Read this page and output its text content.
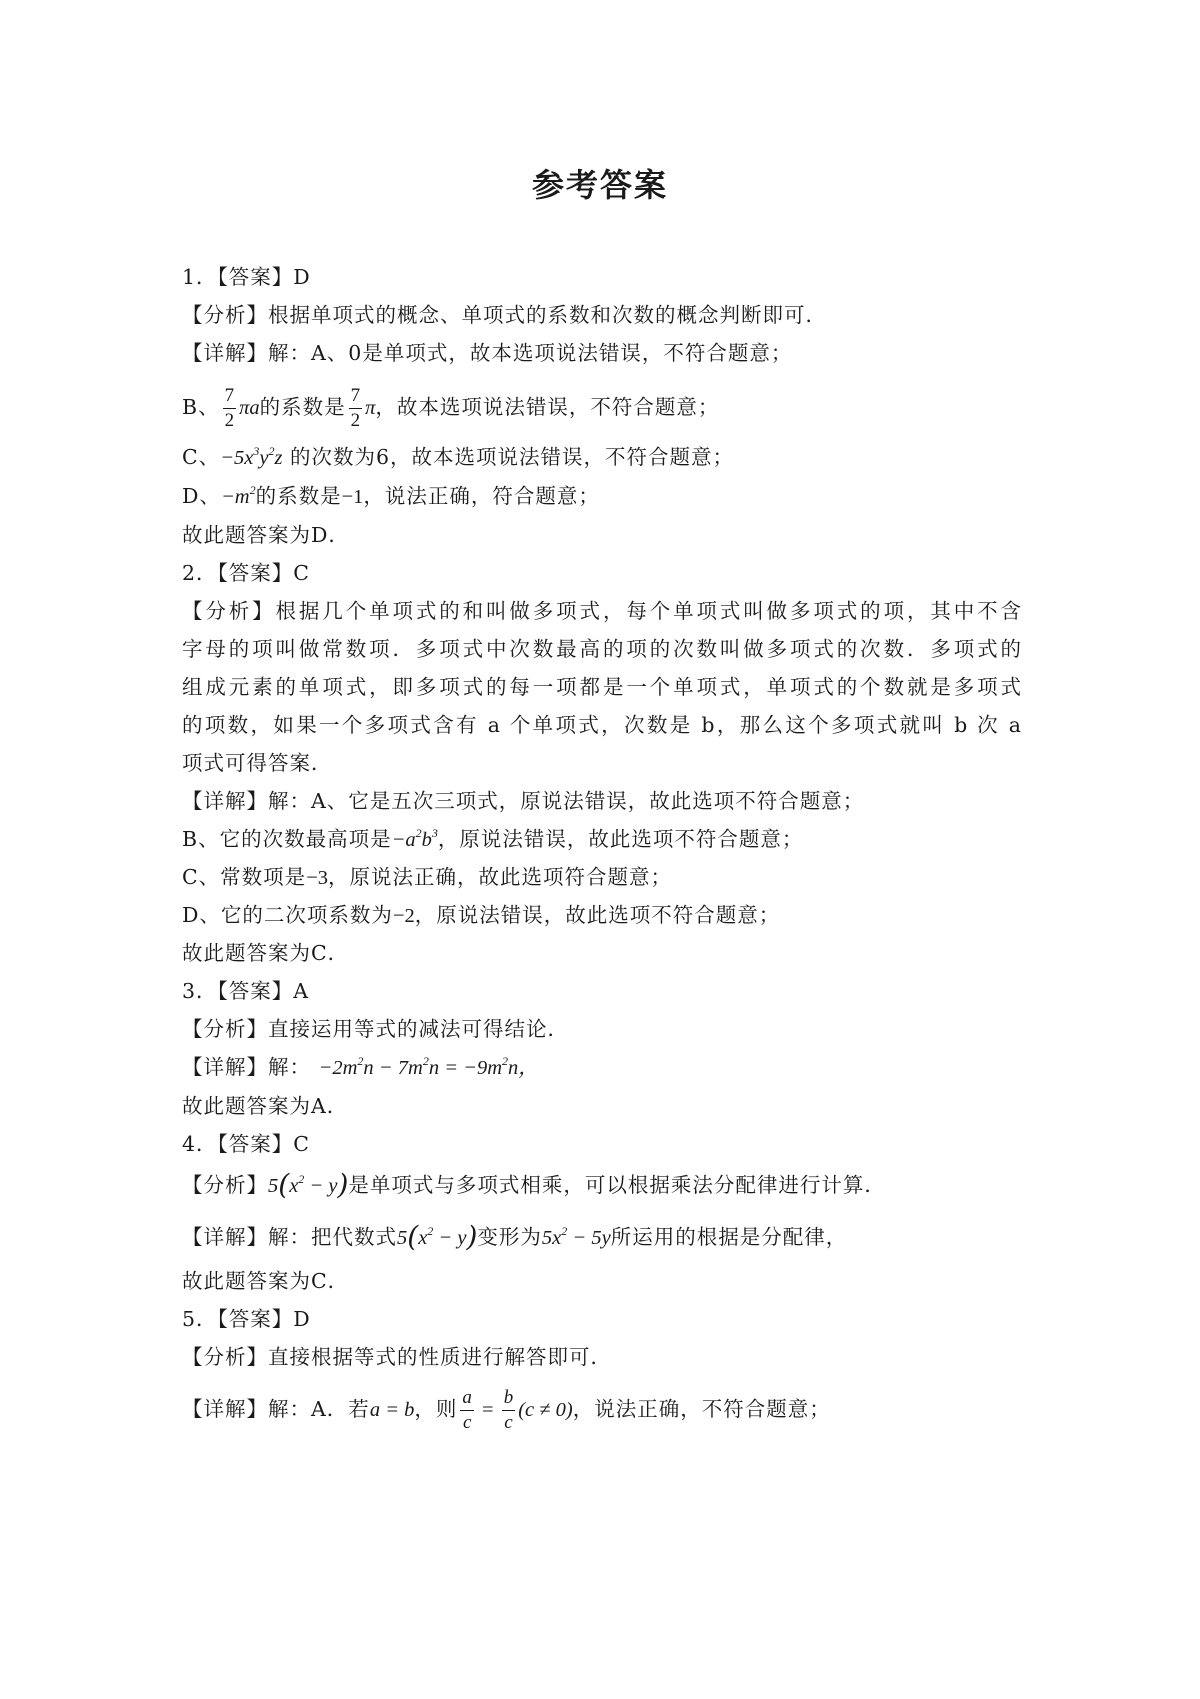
参考答案
1．【答案】D
【分析】根据单项式的概念、单项式的系数和次数的概念判断即可．
【详解】解：A、0是单项式，故本选项说法错误，不符合题意；
B、 $\frac{7}{2}$ πa的系数是 $\frac{7}{2}$ π，故本选项说法错误，不符合题意；
C、$-5x^3y^2z$ 的次数为6，故本选项说法错误，不符合题意；
D、$-m^2$的系数是−1，说法正确，符合题意；
故此题答案为D．
2．【答案】C
【分析】根据几个单项式的和叫做多项式，每个单项式叫做多项式的项，其中不含
字母的项叫做常数项．多项式中次数最高的项的次数叫做多项式的次数．多项式的
组成元素的单项式，即多项式的每一项都是一个单项式，单项式的个数就是多项式
的项数，如果一个多项式含有 a 个单项式，次数是 b，那么这个多项式就叫 b 次 a
项式可得答案．
【详解】解：A、它是五次三项式，原说法错误，故此选项不符合题意；
B、它的次数最高项是$-a^2b^3$，原说法错误，故此选项不符合题意；
C、常数项是−3，原说法正确，故此选项符合题意；
D、它的二次项系数为−2，原说法错误，故此选项不符合题意；
故此题答案为C．
3．【答案】A
【分析】直接运用等式的减法可得结论．
【详解】解： $-2m^2n - 7m^2n = -9m^2n$，
故此题答案为A．
4．【答案】C
【分析】$5(x^2 - y)$是单项式与多项式相乘，可以根据乘法分配律进行计算．
【详解】解：把代数式$5(x^2 - y)$变形为$5x^2 - 5y$所运用的根据是分配律，
故此题答案为C．
5．【答案】D
【分析】直接根据等式的性质进行解答即可．
【详解】解：A．若a = b，则 $\frac{a}{c} = \frac{b}{c} (c \ne 0)$，说法正确，不符合题意；
